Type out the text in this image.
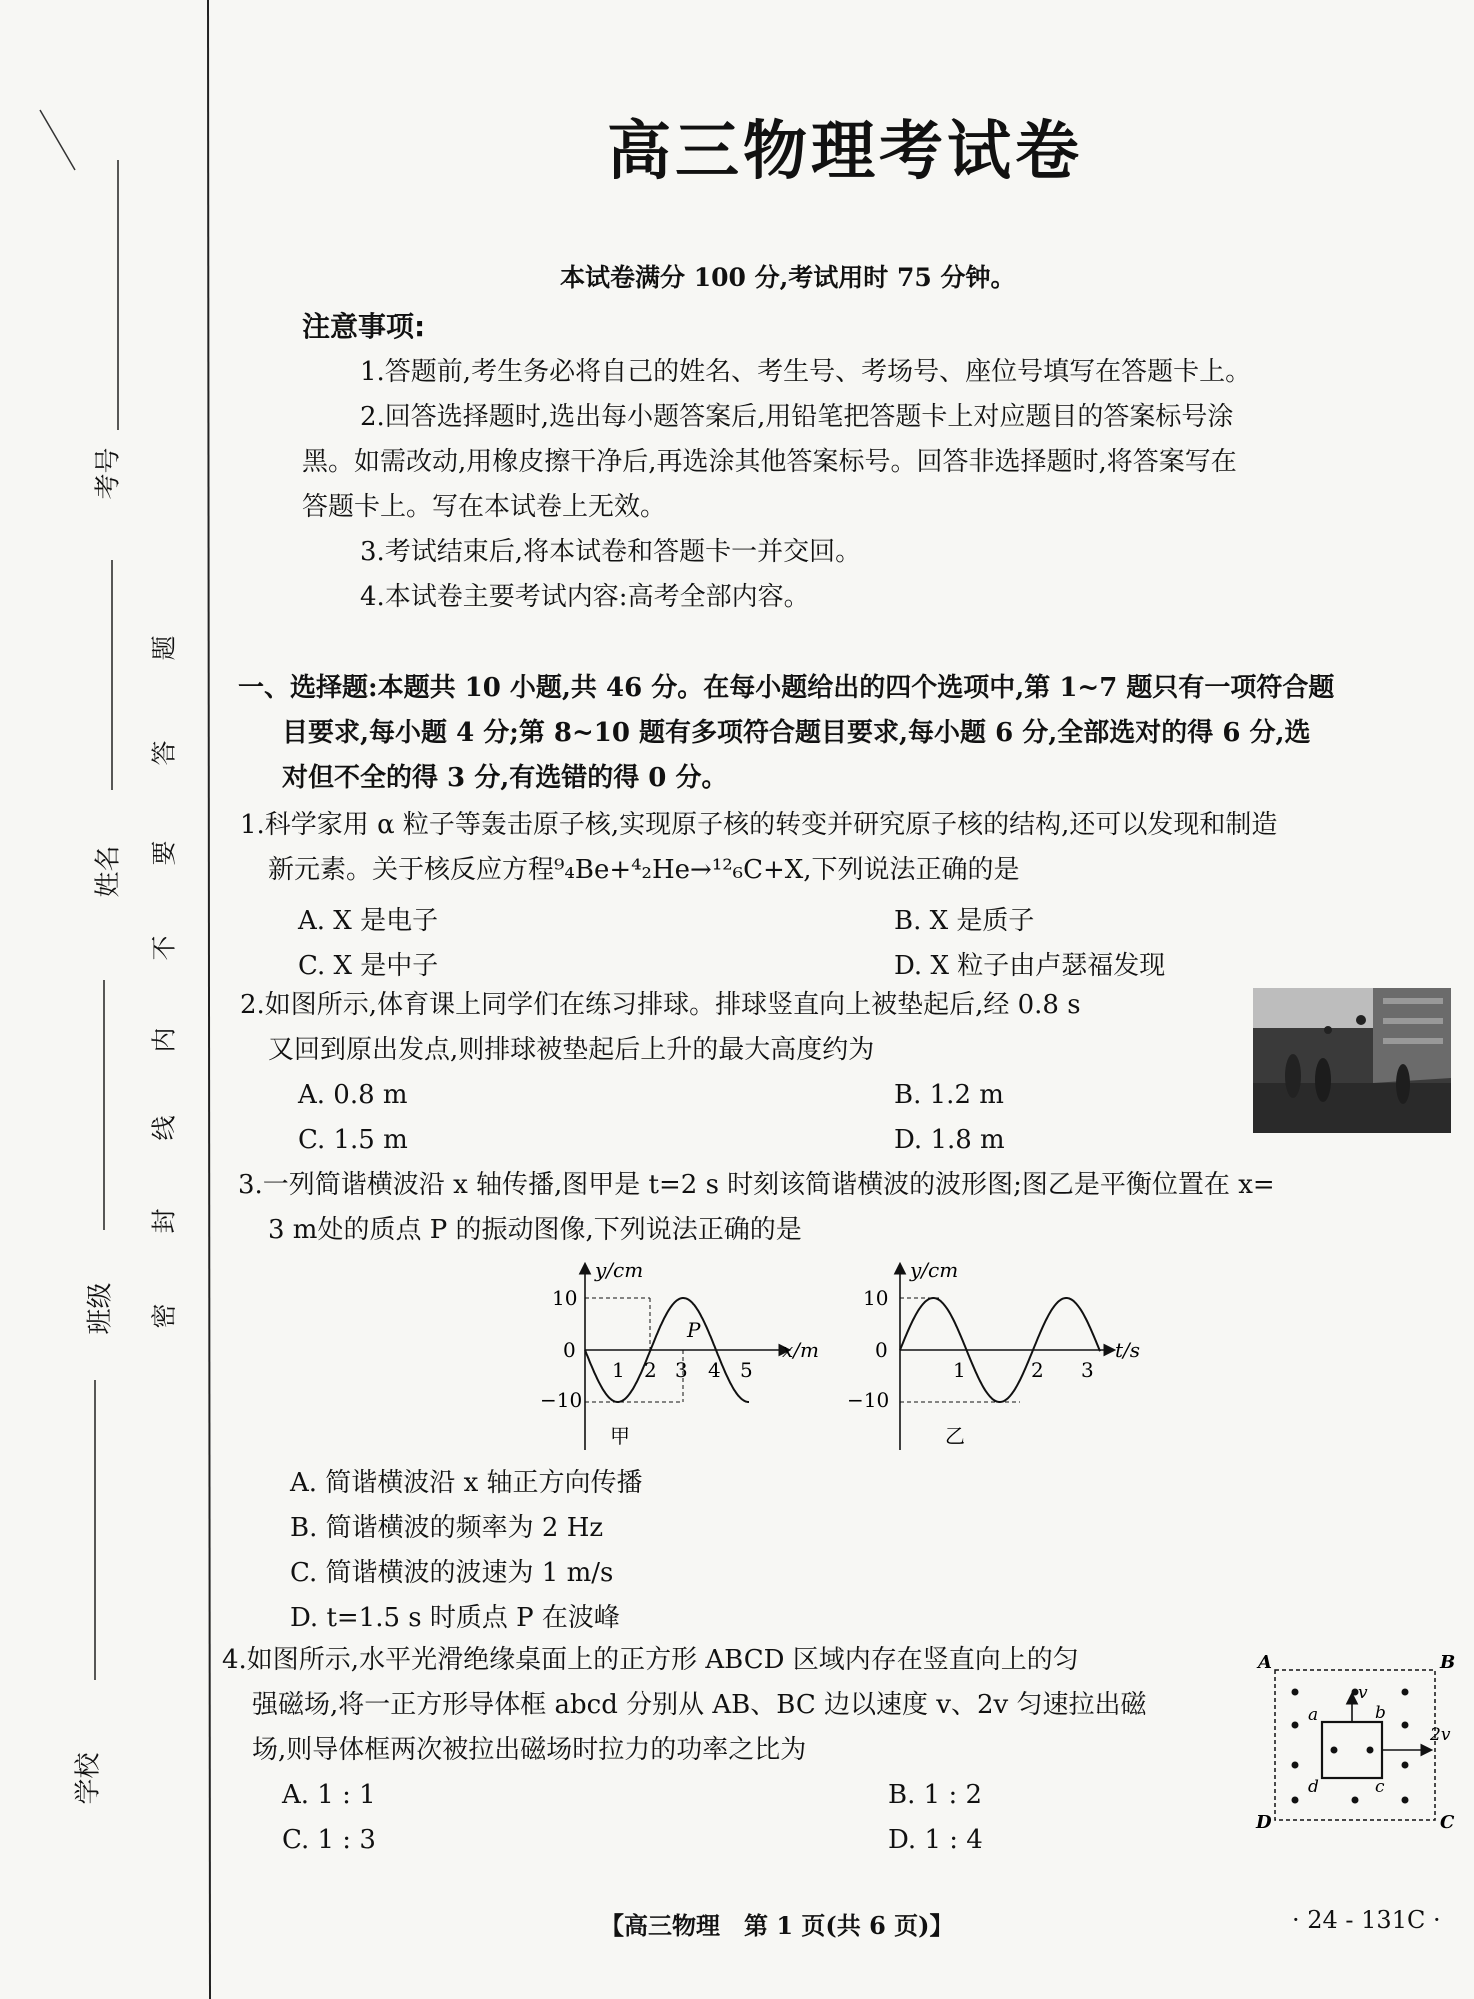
考号
姓名
班级
学校
密
封
线
内
不
要
答
题
高三物理考试卷
本试卷满分 100 分,考试用时 75 分钟。
注意事项:
1.答题前,考生务必将自己的姓名、考生号、考场号、座位号填写在答题卡上。
2.回答选择题时,选出每小题答案后,用铅笔把答题卡上对应题目的答案标号涂
黑。如需改动,用橡皮擦干净后,再选涂其他答案标号。回答非选择题时,将答案写在
答题卡上。写在本试卷上无效。
3.考试结束后,将本试卷和答题卡一并交回。
4.本试卷主要考试内容:高考全部内容。
一、选择题:本题共 10 小题,共 46 分。在每小题给出的四个选项中,第 1~7 题只有一项符合题
目要求,每小题 4 分;第 8~10 题有多项符合题目要求,每小题 6 分,全部选对的得 6 分,选
对但不全的得 3 分,有选错的得 0 分。
1.科学家用 α 粒子等轰击原子核,实现原子核的转变并研究原子核的结构,还可以发现和制造
新元素。关于核反应方程⁹₄Be+⁴₂He→¹²₆C+X,下列说法正确的是
A. X 是电子	B. X 是质子
C. X 是中子	D. X 粒子由卢瑟福发现
2.如图所示,体育课上同学们在练习排球。排球竖直向上被垫起后,经 0.8 s
又回到原出发点,则排球被垫起后上升的最大高度约为
A. 0.8 m	B. 1.2 m
C. 1.5 m	D. 1.8 m
3.一列简谐横波沿 x 轴传播,图甲是 t=2 s 时刻该简谐横波的波形图;图乙是平衡位置在 x=
3 m处的质点 P 的振动图像,下列说法正确的是
y/cm
x/m
10
0
−10
1 2 3 4 5
P
甲
y/cm
t/s
10
0
−10
1	2 3
乙
A. 简谐横波沿 x 轴正方向传播
B. 简谐横波的频率为 2 Hz
C. 简谐横波的波速为 1 m/s
D. t=1.5 s 时质点 P 在波峰
4.如图所示,水平光滑绝缘桌面上的正方形 ABCD 区域内存在竖直向上的匀
强磁场,将一正方形导体框 abcd 分别从 AB、BC 边以速度 v、2v 匀速拉出磁
场,则导体框两次被拉出磁场时拉力的功率之比为
A. 1 : 1	B. 1 : 2
C. 1 : 3	D. 1 : 4
A	B
C
D
a	b
c
d
v
2v
【高三物理　第 1 页(共 6 页)】	· 24 - 131C ·
